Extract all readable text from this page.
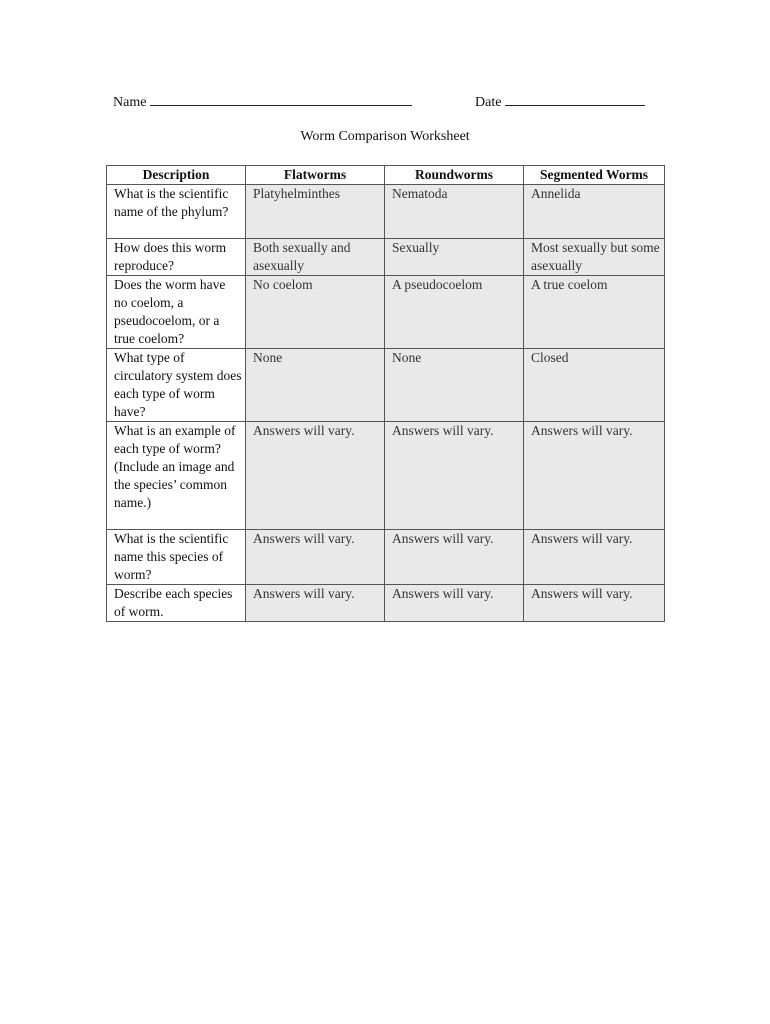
Name	Date
Worm Comparison Worksheet
Description	Flatworms	Roundworms	Segmented Worms
What is the scientific name of the phylum?	Platyhelminthes	Nematoda	Annelida
How does this worm reproduce?	Both sexually and asexually	Sexually	Most sexually but some asexually
Does the worm have no coelom, a pseudocoelom, or a true coelom?	No coelom	A pseudocoelom	A true coelom
What type of circulatory system does each type of worm have?	None	None	Closed
What is an example of each type of worm? (Include an image and the species’ common name.)	Answers will vary.	Answers will vary.	Answers will vary.
What is the scientific name this species of worm?	Answers will vary.	Answers will vary.	Answers will vary.
Describe each species of worm.	Answers will vary.	Answers will vary.	Answers will vary.
